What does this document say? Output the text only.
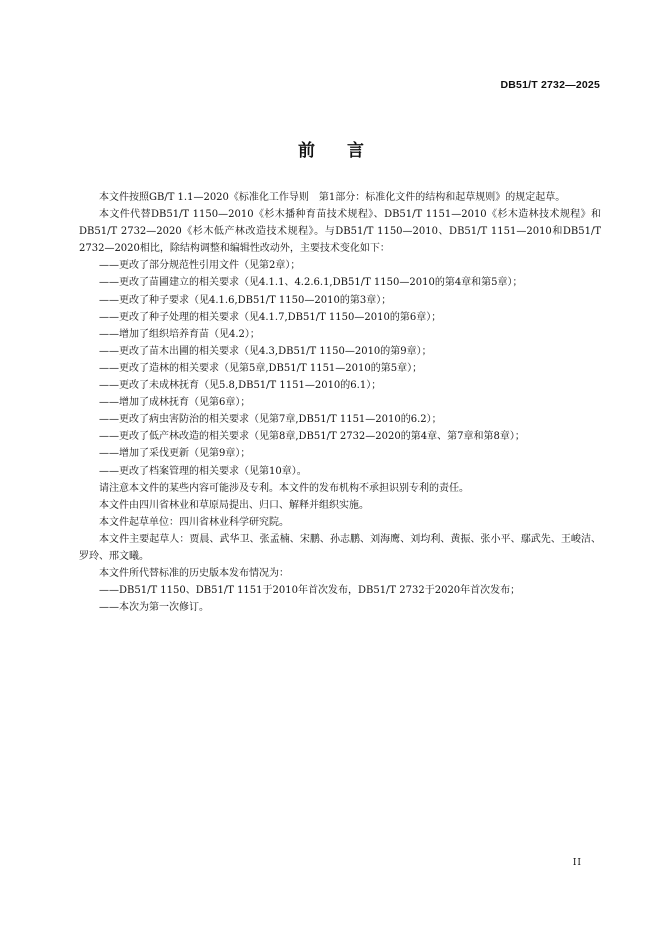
DB51/T 2732—2025
前言

本文件按照GB/T 1.1—2020《标准化工作导则　第1部分：标准化文件的结构和起草规则》的规定起草。

本文件代替DB51/T 1150—2010《杉木播种育苗技术规程》、DB51/T 1151—2010《杉木造林技术规程》和DB51/T 2732—2020《杉木低产林改造技术规程》。与DB51/T 1150—2010、DB51/T 1151—2010和DB51/T 2732—2020相比，除结构调整和编辑性改动外，主要技术变化如下：

——更改了部分规范性引用文件（见第2章）；

——更改了苗圃建立的相关要求（见4.1.1、4.2.6.1,DB51/T 1150—2010的第4章和第5章）；

——更改了种子要求（见4.1.6,DB51/T 1150—2010的第3章）；

——更改了种子处理的相关要求（见4.1.7,DB51/T 1150—2010的第6章）；

——增加了组织培养育苗（见4.2）；

——更改了苗木出圃的相关要求（见4.3,DB51/T 1150—2010的第9章）；

——更改了造林的相关要求（见第5章,DB51/T 1151—2010的第5章）；

——更改了未成林抚育（见5.8,DB51/T 1151—2010的6.1）；

——增加了成林抚育（见第6章）；

——更改了病虫害防治的相关要求（见第7章,DB51/T 1151—2010的6.2）；

——更改了低产林改造的相关要求（见第8章,DB51/T 2732—2020的第4章、第7章和第8章）；

——增加了采伐更新（见第9章）；

——更改了档案管理的相关要求（见第10章）。

请注意本文件的某些内容可能涉及专利。本文件的发布机构不承担识别专利的责任。

本文件由四川省林业和草原局提出、归口、解释并组织实施。

本文件起草单位：四川省林业科学研究院。

本文件主要起草人：贾晨、武华卫、张孟楠、宋鹏、孙志鹏、刘海鹰、刘均利、黄振、张小平、鄢武先、王峻洁、罗玲、邢文曦。

本文件所代替标准的历史版本发布情况为：

——DB51/T 1150、DB51/T 1151于2010年首次发布，DB51/T 2732于2020年首次发布；

——本次为第一次修订。

II
